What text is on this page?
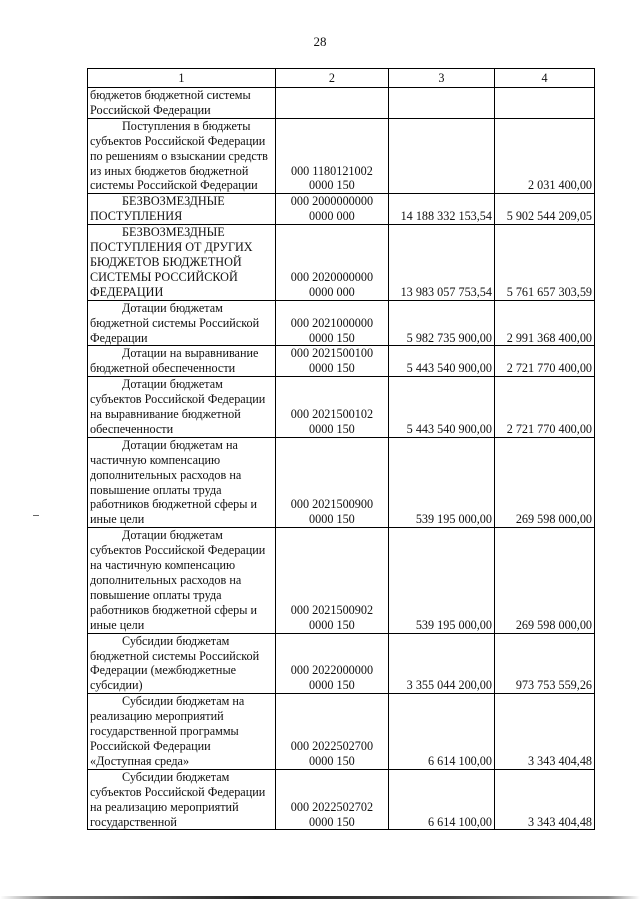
28
1	2	3	4
бюджетов бюджетной системы Российской Федерации			
Поступления в бюджеты субъектов Российской Федерации по решениям о взыскании средств из иных бюджетов бюджетной системы Российской Федерации	000 1180121002 0000 150		2 031 400,00
БЕЗВОЗМЕЗДНЫЕ ПОСТУПЛЕНИЯ	000 2000000000 0000 000	14 188 332 153,54	5 902 544 209,05
БЕЗВОЗМЕЗДНЫЕ ПОСТУПЛЕНИЯ ОТ ДРУГИХ БЮДЖЕТОВ БЮДЖЕТНОЙ СИСТЕМЫ РОССИЙСКОЙ ФЕДЕРАЦИИ	000 2020000000 0000 000	13 983 057 753,54	5 761 657 303,59
Дотации бюджетам бюджетной системы Российской Федерации	000 2021000000 0000 150	5 982 735 900,00	2 991 368 400,00
Дотации на выравнивание бюджетной обеспеченности	000 2021500100 0000 150	5 443 540 900,00	2 721 770 400,00
Дотации бюджетам субъектов Российской Федерации на выравнивание бюджетной обеспеченности	000 2021500102 0000 150	5 443 540 900,00	2 721 770 400,00
Дотации бюджетам на частичную компенсацию дополнительных расходов на повышение оплаты труда работников бюджетной сферы и иные цели	000 2021500900 0000 150	539 195 000,00	269 598 000,00
Дотации бюджетам субъектов Российской Федерации на частичную компенсацию дополнительных расходов на повышение оплаты труда работников бюджетной сферы и иные цели	000 2021500902 0000 150	539 195 000,00	269 598 000,00
Субсидии бюджетам бюджетной системы Российской Федерации (межбюджетные субсидии)	000 2022000000 0000 150	3 355 044 200,00	973 753 559,26
Субсидии бюджетам на реализацию мероприятий государственной программы Российской Федерации «Доступная среда»	000 2022502700 0000 150	6 614 100,00	3 343 404,48
Субсидии бюджетам субъектов Российской Федерации на реализацию мероприятий государственной	000 2022502702 0000 150	6 614 100,00	3 343 404,48
